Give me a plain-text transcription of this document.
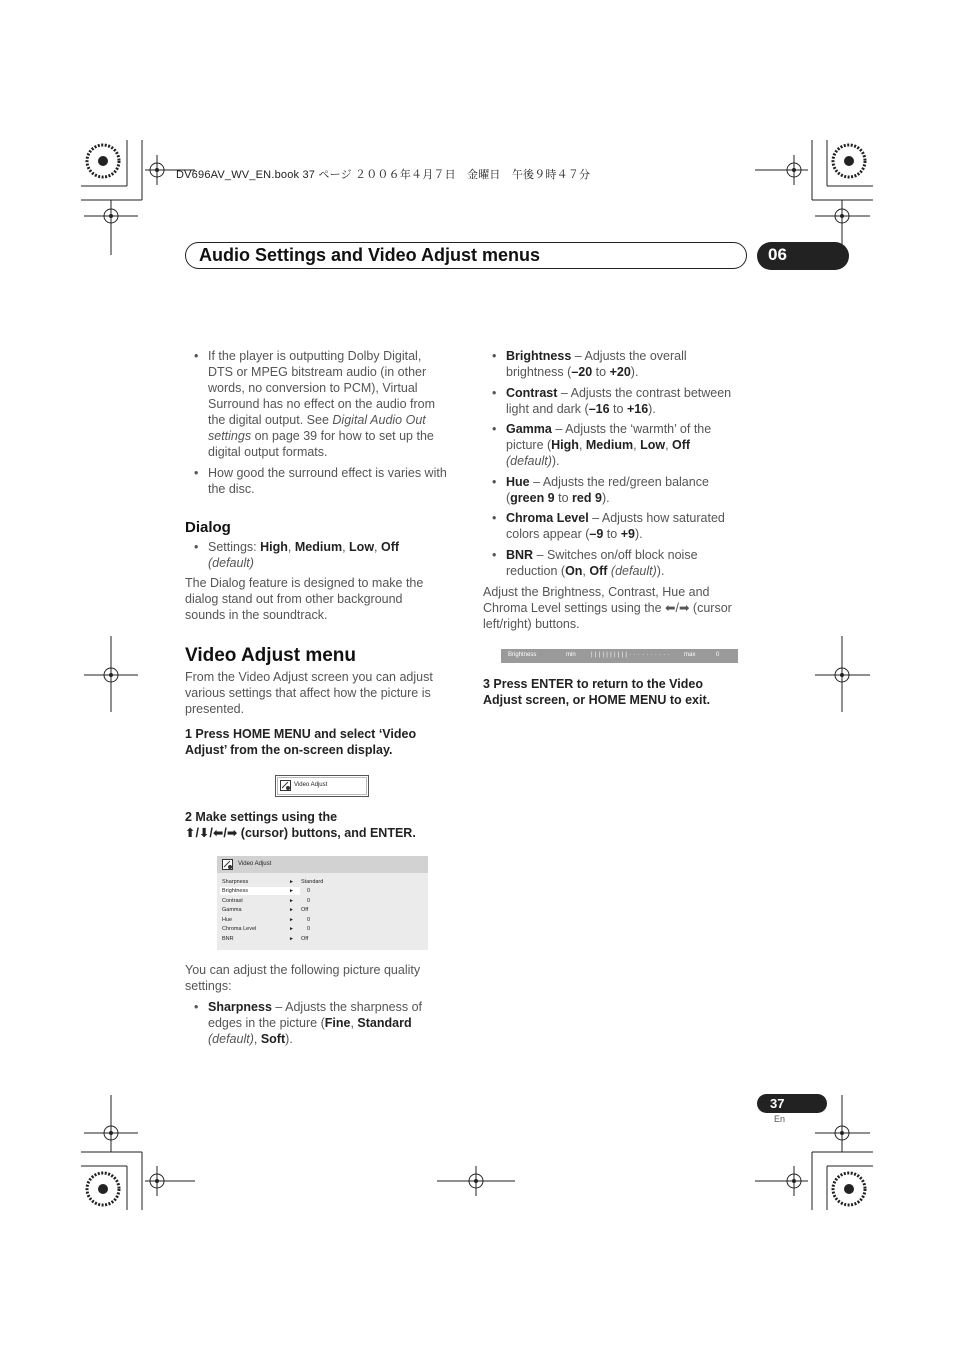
DV696AV_WV_EN.book 37 ページ ２００６年４月７日　金曜日　午後９時４７分
Audio Settings and Video Adjust menus	06
• If the player is outputting Dolby Digital,
DTS or MPEG bitstream audio (in other
words, no conversion to PCM), Virtual
Surround has no effect on the audio from
the digital output. See Digital Audio Out
settings on page 39 for how to set up the
digital output formats.
• How good the surround effect is varies with
the disc.
Dialog
• Settings: High, Medium, Low, Off
(default)
The Dialog feature is designed to make the
dialog stand out from other background
sounds in the soundtrack.
Video Adjust menu
From the Video Adjust screen you can adjust
various settings that affect how the picture is
presented.
1 Press HOME MENU and select ‘Video
Adjust’ from the on-screen display.
Video Adjust
2 Make settings using the
⬆/⬇/⬅/➡ (cursor) buttons, and ENTER.
Video Adjust
Sharpness	► Standard
Brightness	► 0
Contrast	► 0
Gamma	► Off
Hue	► 0
Chroma Level	► 0
BNR	► Off
You can adjust the following picture quality
settings:
• Sharpness – Adjusts the sharpness of
edges in the picture (Fine, Standard
(default), Soft).
• Brightness – Adjusts the overall
brightness (–20 to +20).
• Contrast – Adjusts the contrast between
light and dark (–16 to +16).
• Gamma – Adjusts the ‘warmth’ of the
picture (High, Medium, Low, Off
(default)).
• Hue – Adjusts the red/green balance
(green 9 to red 9).
• Chroma Level – Adjusts how saturated
colors appear (–9 to +9).
• BNR – Switches on/off block noise
reduction (On, Off (default)).
Adjust the Brightness, Contrast, Hue and
Chroma Level settings using the ⬅/➡ (cursor
left/right) buttons.
Brightness	min	| | | | | | | | | | · · · · · · · · · · max	0
3 Press ENTER to return to the Video
Adjust screen, or HOME MENU to exit.
37
En
